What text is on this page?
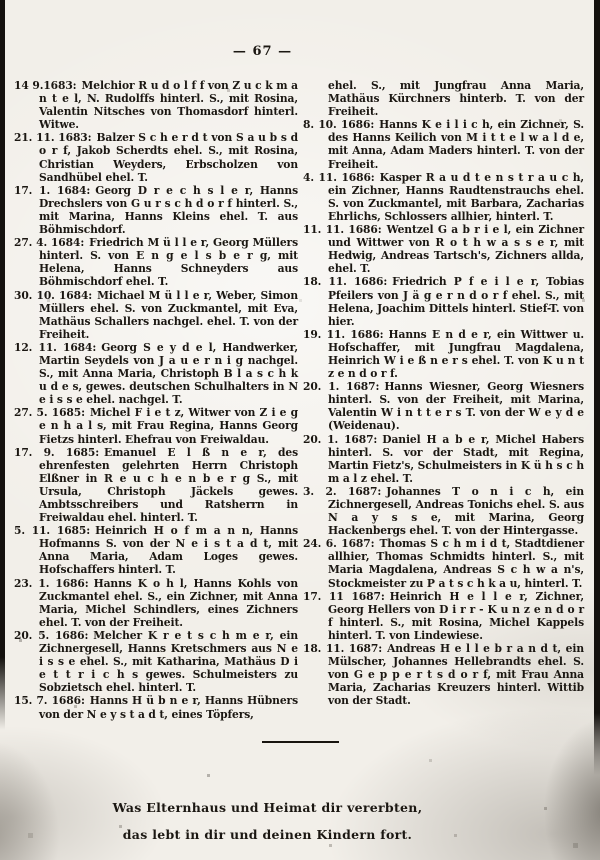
— 67 —

14 9.1683: Melchior R u d o l f f von Z u c k m a n t e l, N. Rudolffs hinterl. S., mit Rosina, Valentin Nitsches von Thomasdorf hinterl. Witwe.

21. 11. 1683: Balzer S c h e r d t von S a u b s d o r f, Jakob Scherdts ehel. S., mit Rosina, Christian Weyders, Erbscholzen von Sandhübel ehel. T.

17. 1. 1684: Georg D r e c h s l e r, Hanns Drechslers von G u r s c h d o r f hinterl. S., mit Marina, Hanns Kleins ehel. T. aus Böhmischdorf.

27. 4. 1684: Friedrich M ü l l e r, Georg Müllers hinterl. S. von E n g e l s b e r g, mit Helena, Hanns Schneyders aus Böhmischdorf ehel. T.

30. 10. 1684: Michael M ü l l e r, Weber, Simon Müllers ehel. S. von Zuckmantel, mit Eva, Mathäus Schallers nachgel. ehel. T. von der Freiheit.

12. 11. 1684: Georg S e y d e l, Handwerker, Martin Seydels von J a u e r n i g nachgel. S., mit Anna Maria, Christoph B l a s c h k u d e s, gewes. deutschen Schulhalters in N e i s s e ehel. nachgel. T.

27. 5. 1685: Michel F i e t z, Witwer von Z i e g e n h a l s, mit Frau Regina, Hanns Georg Fietzs hinterl. Ehefrau von Freiwaldau.

17. 9. 1685: Emanuel E l ß n e r, des ehrenfesten gelehrten Herrn Christoph Elßner in R e u c h e n b e r g S., mit Ursula, Christoph Jäckels gewes. Ambtsschreibers und Ratsherrn in Freiwaldau ehel. hinterl. T.

5. 11. 1685: Heinrich H o f m a n n, Hanns Hofmanns S. von der N e i s t a d t, mit Anna Maria, Adam Loges gewes. Hofschaffers hinterl. T.

23. 1. 1686: Hanns K o h l, Hanns Kohls von Zuckmantel ehel. S., ein Zichner, mit Anna Maria, Michel Schindlers, eines Zichners ehel. T. von der Freiheit.

20. 5. 1686: Melcher K r e t s c h m e r, ein Zichnergesell, Hanns Kretschmers aus N e i s s e ehel. S., mit Katharina, Mathäus D i e t t r i c h s gewes. Schulmeisters zu Sobzietsch ehel. hinterl. T.

15. 7. 1686: Hanns H ü b n e r, Hanns Hübners von der N e y s t a d t, eines Töpfers,

ehel. S., mit Jungfrau Anna Maria, Mathäus Kürchners hinterb. T. von der Freiheit.

8. 10. 1686: Hanns K e i l i c h, ein Zichner, S. des Hanns Keilich von M i t t e l w a l d e, mit Anna, Adam Maders hinterl. T. von der Freiheit.

4. 11. 1686: Kasper R a u d t e n s t r a u c h, ein Zichner, Hanns Raudtenstrauchs ehel. S. von Zuckmantel, mit Barbara, Zacharias Ehrlichs, Schlossers allhier, hinterl. T.

11. 11. 1686: Wentzel G a b r i e l, ein Zichner und Wittwer von R o t h w a s s e r, mit Hedwig, Andreas Tartsch's, Zichners allda, ehel. T.

18. 11. 1686: Friedrich P f e i l e r, Tobias Pfeilers von J ä g e r n d o r f ehel. S., mit Helena, Joachim Dittels hinterl. Stief-T. von hier.

19. 11. 1686: Hanns E n d e r, ein Wittwer u. Hofschaffer, mit Jungfrau Magdalena, Heinrich W i e ß n e r s ehel. T. von K u n t z e n d o r f.

20. 1. 1687: Hanns Wiesner, Georg Wiesners hinterl. S. von der Freiheit, mit Marina, Valentin W i n t t e r s T. von der W e y d e (Weidenau).

20. 1. 1687: Daniel H a b e r, Michel Habers hinterl. S. vor der Stadt, mit Regina, Martin Fietz's, Schulmeisters in K ü h s c h m a l z ehel. T.

3. 2. 1687: Johannes T o n i c h, ein Zichnergesell, Andreas Tonichs ehel. S. aus N a y s s e, mit Marina, Georg Hackenbergs ehel. T. von der Hintergasse.

24. 6. 1687: Thomas S c h m i d t, Stadtdiener allhier, Thomas Schmidts hinterl. S., mit Maria Magdalena, Andreas S c h w a n's, Stockmeister zu P a t s c h k a u, hinterl. T.

17. 11 1687: Heinrich H e l l e r, Zichner, Georg Hellers von D i r r - K u n z e n d o r f hinterl. S., mit Rosina, Michel Kappels hinterl. T. von Lindewiese.

18. 11. 1687: Andreas H e l l e b r a n d t, ein Mülscher, Johannes Hellebrandts ehel. S. von G e p p e r t s d o r f, mit Frau Anna Maria, Zacharias Kreuzers hinterl. Wittib von der Stadt.

Was Elternhaus und Heimat dir vererbten,
das lebt in dir und deinen Kindern fort.
